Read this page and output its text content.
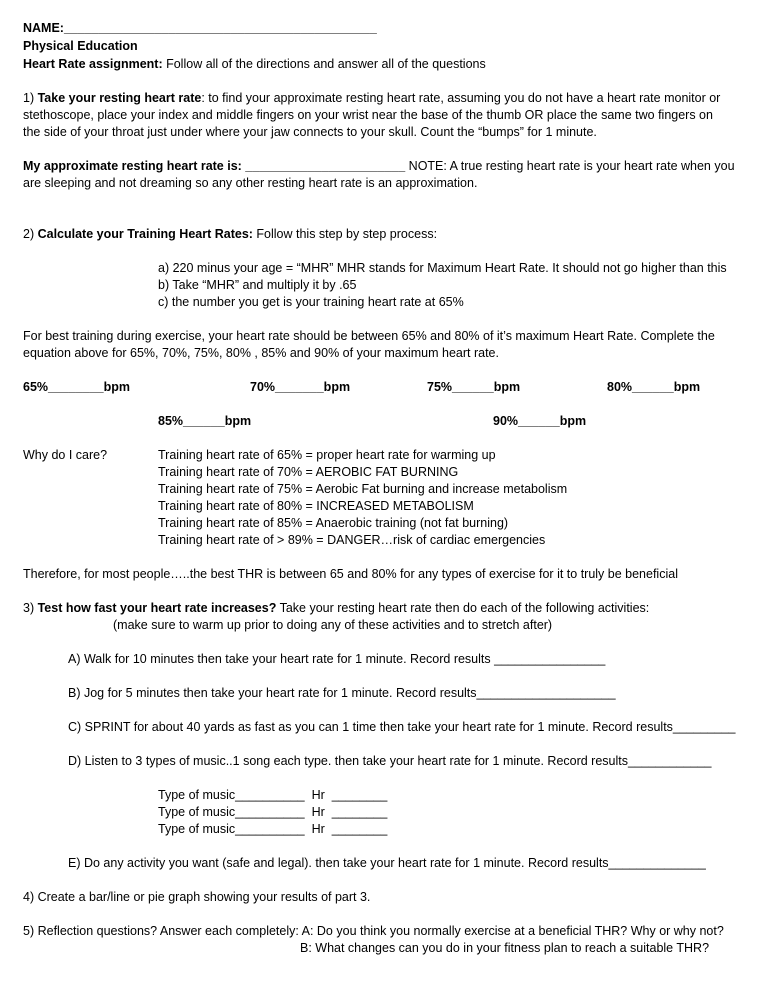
NAME:_____________________________________________
Physical Education
Heart Rate assignment: Follow all of the directions and answer all of the questions
1) Take your resting heart rate: to find your approximate resting heart rate, assuming you do not have a heart rate monitor or
stethoscope, place your index and middle fingers on your wrist near the base of the thumb OR place the same two fingers on
the side of your throat just under where your jaw connects to your skull. Count the “bumps” for 1 minute.
My approximate resting heart rate is: _______________________ NOTE: A true resting heart rate is your heart rate when you
are sleeping and not dreaming so any other resting heart rate is an approximation.
2) Calculate your Training Heart Rates: Follow this step by step process:
a) 220 minus your age = “MHR” MHR stands for Maximum Heart Rate. It should not go higher than this
b) Take “MHR” and multiply it by .65
c) the number you get is your training heart rate at 65%
For best training during exercise, your heart rate should be between 65% and 80% of it’s maximum Heart Rate. Complete the
equation above for 65%, 70%, 75%, 80% , 85% and 90% of your maximum heart rate.
65%________bpm	70%_______bpm	75%______bpm	80%______bpm
85%______bpm	90%______bpm
Why do I care?	Training heart rate of 65% = proper heart rate for warming up
Training heart rate of 70% = AEROBIC FAT BURNING
Training heart rate of 75% = Aerobic Fat burning and increase metabolism
Training heart rate of 80% = INCREASED METABOLISM
Training heart rate of 85% = Anaerobic training (not fat burning)
Training heart rate of > 89% = DANGER…risk of cardiac emergencies
Therefore, for most people…..the best THR is between 65 and 80% for any types of exercise for it to truly be beneficial
3) Test how fast your heart rate increases? Take your resting heart rate then do each of the following activities:
(make sure to warm up prior to doing any of these activities and to stretch after)
A) Walk for 10 minutes then take your heart rate for 1 minute. Record results ________________
B) Jog for 5 minutes then take your heart rate for 1 minute. Record results____________________
C) SPRINT for about 40 yards as fast as you can 1 time then take your heart rate for 1 minute. Record results_________
D) Listen to 3 types of music..1 song each type. then take your heart rate for 1 minute. Record results____________
Type of music__________  Hr  ________
Type of music__________  Hr  ________
Type of music__________  Hr  ________
E) Do any activity you want (safe and legal). then take your heart rate for 1 minute. Record results______________
4) Create a bar/line or pie graph showing your results of part 3.
5) Reflection questions? Answer each completely: A: Do you think you normally exercise at a beneficial THR? Why or why not?
B: What changes can you do in your fitness plan to reach a suitable THR?
